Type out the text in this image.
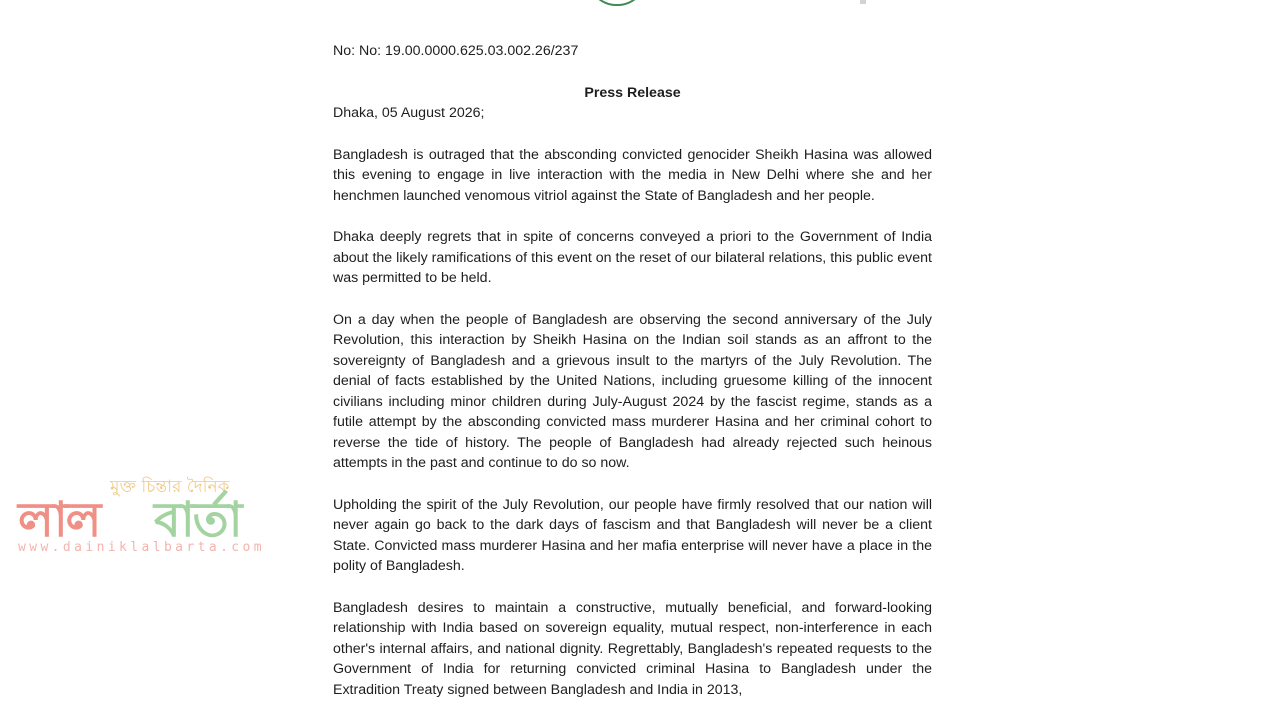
No: No: 19.00.0000.625.03.002.26/237

Press Release

Dhaka, 05 August 2026;

Bangladesh is outraged that the absconding convicted genocider Sheikh Hasina was allowed this evening to engage in live interaction with the media in New Delhi where she and her henchmen launched venomous vitriol against the State of Bangladesh and her people.

Dhaka deeply regrets that in spite of concerns conveyed a priori to the Government of India about the likely ramifications of this event on the reset of our bilateral relations, this public event was permitted to be held.

On a day when the people of Bangladesh are observing the second anniversary of the July Revolution, this interaction by Sheikh Hasina on the Indian soil stands as an affront to the sovereignty of Bangladesh and a grievous insult to the martyrs of the July Revolution. The denial of facts established by the United Nations, including gruesome killing of the innocent civilians including minor children during July-August 2024 by the fascist regime, stands as a futile attempt by the absconding convicted mass murderer Hasina and her criminal cohort to reverse the tide of history. The people of Bangladesh had already rejected such heinous attempts in the past and continue to do so now.

Upholding the spirit of the July Revolution, our people have firmly resolved that our nation will never again go back to the dark days of fascism and that Bangladesh will never be a client State. Convicted mass murderer Hasina and her mafia enterprise will never have a place in the polity of Bangladesh.

Bangladesh desires to maintain a constructive, mutually beneficial, and forward-looking relationship with India based on sovereign equality, mutual respect, non-interference in each other's internal affairs, and national dignity. Regrettably, Bangladesh's repeated requests to the Government of India for returning convicted criminal Hasina to Bangladesh under the Extradition Treaty signed between Bangladesh and India in 2013,

মুক্ত চিন্তার দৈনিক
লাল বার্তা
www.dainiklalbarta.com
